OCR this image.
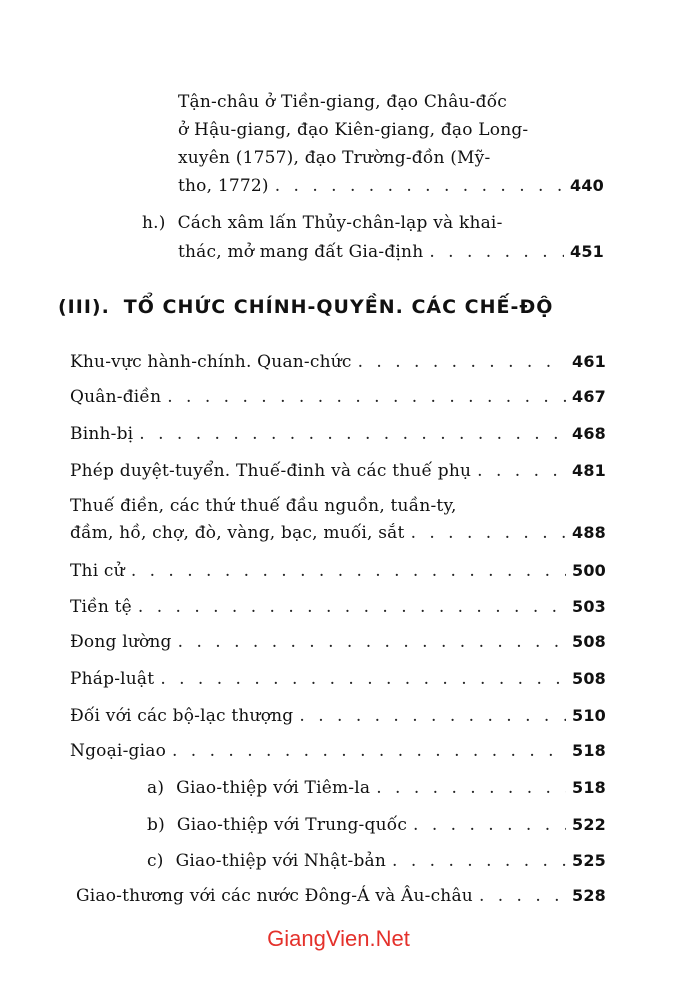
Tận-châu ở Tiền-giang, đạo Châu-đốc
ở Hậu-giang, đạo Kiên-giang, đạo Long-
xuyên (1757), đạo Trường-đồn (Mỹ-
tho, 1772) . . .	440
h.) Cách xâm lấn Thủy-chân-lạp và khai-
thác, mở mang đất Gia-định . . .	451
(III). TỔ CHỨC CHÍNH-QUYỀN. CÁC CHẾ-ĐỘ
Khu-vực hành-chính. Quan-chức . . .	461
Quân-điền . . .	467
Binh-bị . . .	468
Phép duyệt-tuyển. Thuế-đinh và các thuế phụ . . .	481
Thuế điền, các thứ thuế đầu nguồn, tuần-ty,
đầm, hồ, chợ, đò, vàng, bạc, muối, sắt . . .	488
Thi cử . . .	500
Tiền tệ . . .	503
Đong lường . . .	508
Pháp-luật . . .	508
Đối với các bộ-lạc thượng . . .	510
Ngoại-giao . . .	518
a) Giao-thiệp với Tiêm-la . . .	518
b) Giao-thiệp với Trung-quốc . . .	522
c) Giao-thiệp với Nhật-bản . . .	525
Giao-thương với các nước Đông-Á và Âu-châu . . .	528
GiangVien.Net
